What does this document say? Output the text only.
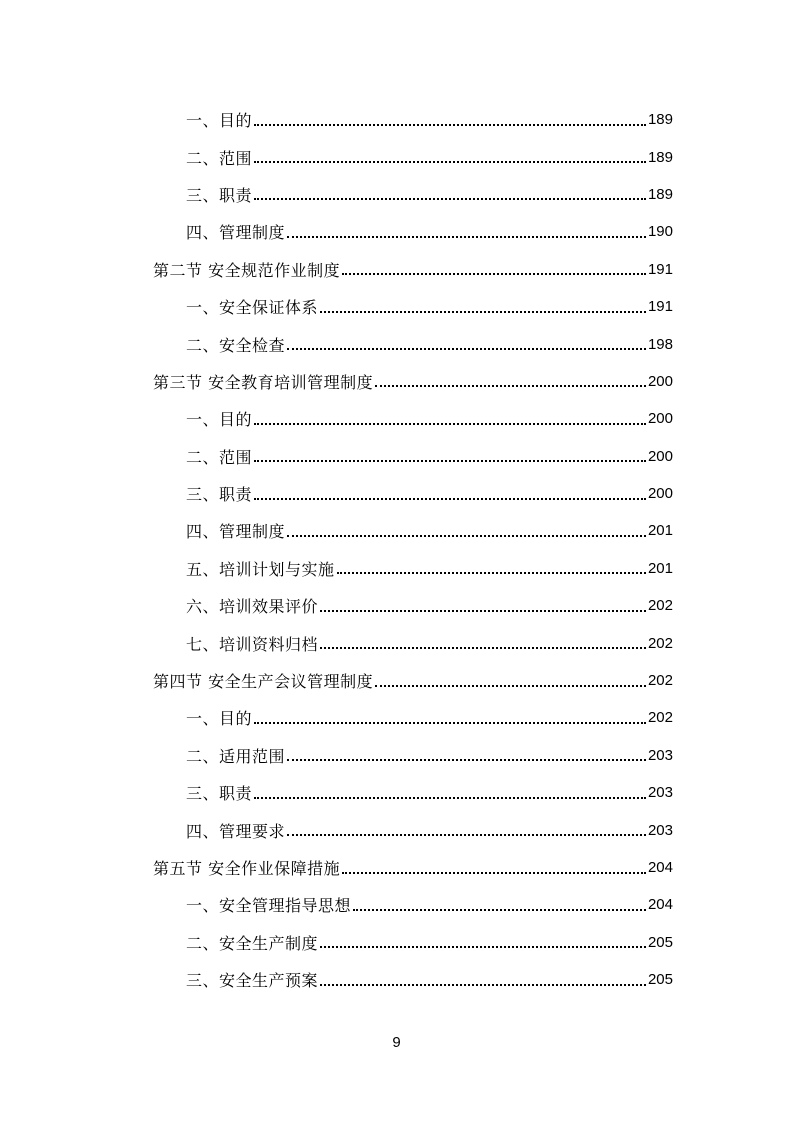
一、目的	189
二、范围	189
三、职责	189
四、管理制度	190
第二节 安全规范作业制度	191
一、安全保证体系	191
二、安全检查	198
第三节 安全教育培训管理制度	200
一、目的	200
二、范围	200
三、职责	200
四、管理制度	201
五、培训计划与实施	201
六、培训效果评价	202
七、培训资料归档	202
第四节 安全生产会议管理制度	202
一、目的	202
二、适用范围	203
三、职责	203
四、管理要求	203
第五节 安全作业保障措施	204
一、安全管理指导思想	204
二、安全生产制度	205
三、安全生产预案	205
9
